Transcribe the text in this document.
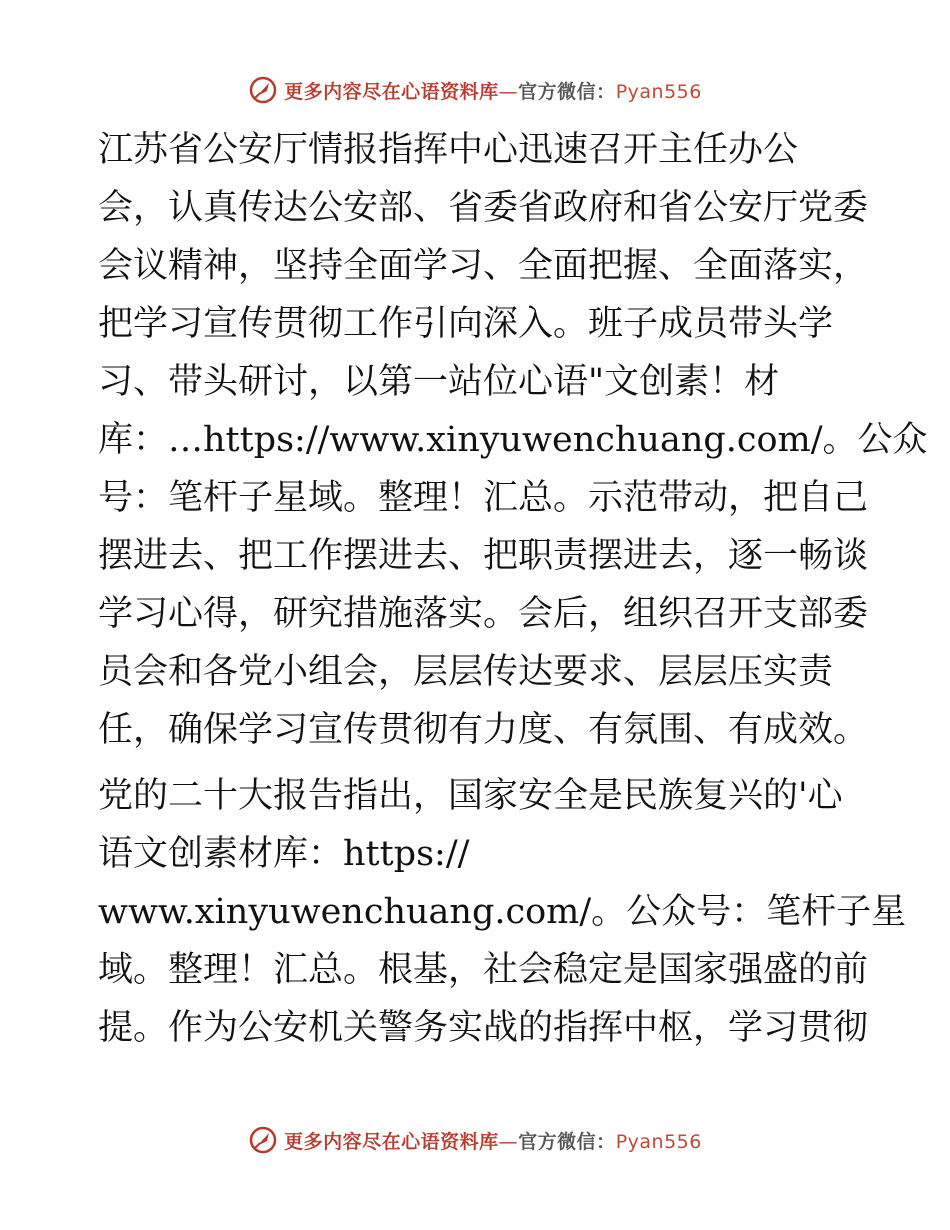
更多内容尽在心语资料库—官方微信：Pyan556
江苏省公安厅情报指挥中心迅速召开主任办公
会，认真传达公安部、省委省政府和省公安厅党委
会议精神，坚持全面学习、全面把握、全面落实，
把学习宣传贯彻工作引向深入。班子成员带头学
习、带头研讨，以第一站位心语"文创素！材
库：…https://www.xinyuwenchuang.com/。公众
号：笔杆子星域。整理！汇总。示范带动，把自己
摆进去、把工作摆进去、把职责摆进去，逐一畅谈
学习心得，研究措施落实。会后，组织召开支部委
员会和各党小组会，层层传达要求、层层压实责
任，确保学习宣传贯彻有力度、有氛围、有成效。
党的二十大报告指出，国家安全是民族复兴的'心
语文创素材库：https://
www.xinyuwenchuang.com/。公众号：笔杆子星
域。整理！汇总。根基，社会稳定是国家强盛的前
提。作为公安机关警务实战的指挥中枢，学习贯彻
更多内容尽在心语资料库—官方微信：Pyan556
